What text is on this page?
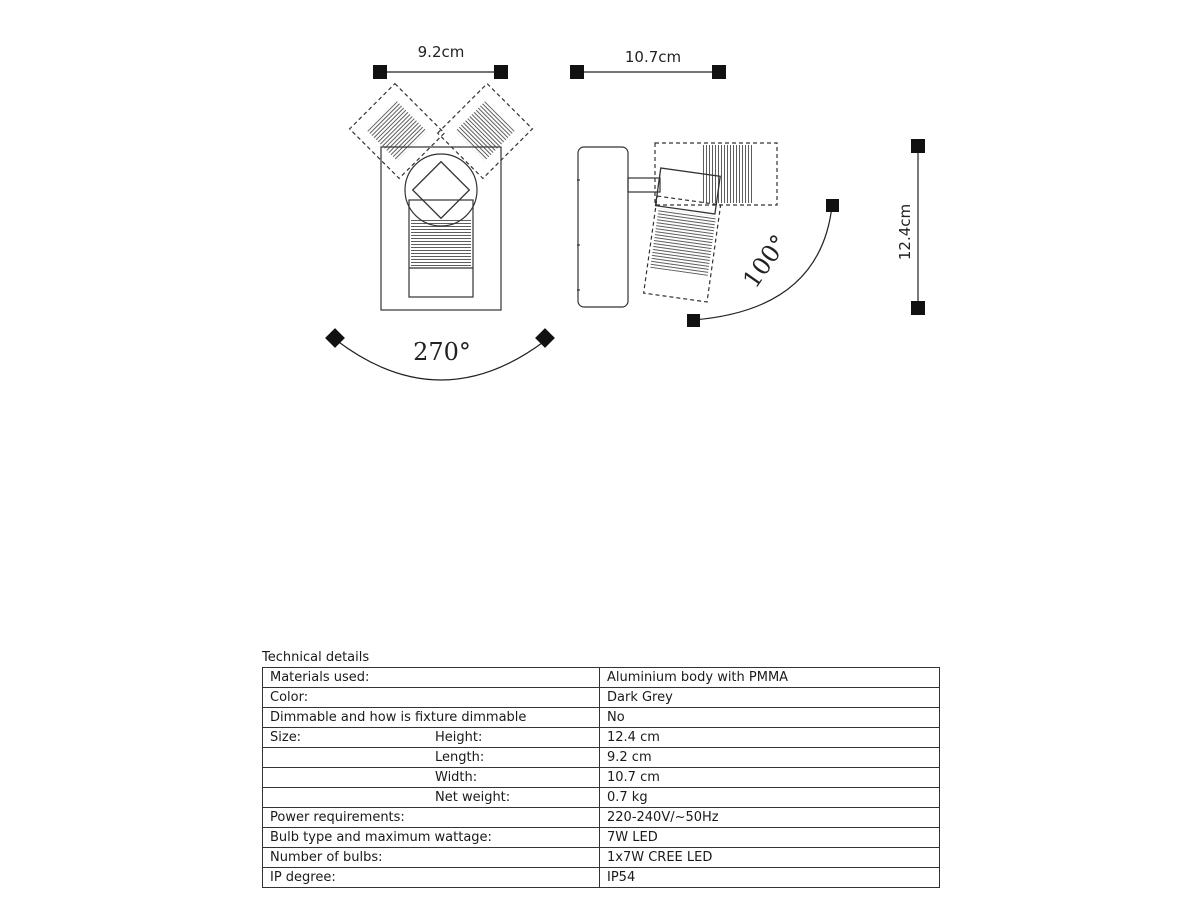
9.2cm
270°
10.7cm
100°	12.4cm
Technical details
Materials used:	Aluminium body with PMMA
Color:	Dark Grey
Dimmable and how is fixture dimmable	No

Size: Height:	12.4 cm

Length:	9.2 cm

Width:	10.7 cm

Net weight:	0.7 kg
Power requirements:	220-240V/~50Hz
Bulb type and maximum wattage:	7W LED
Number of bulbs:	1x7W CREE LED
IP degree:	IP54
